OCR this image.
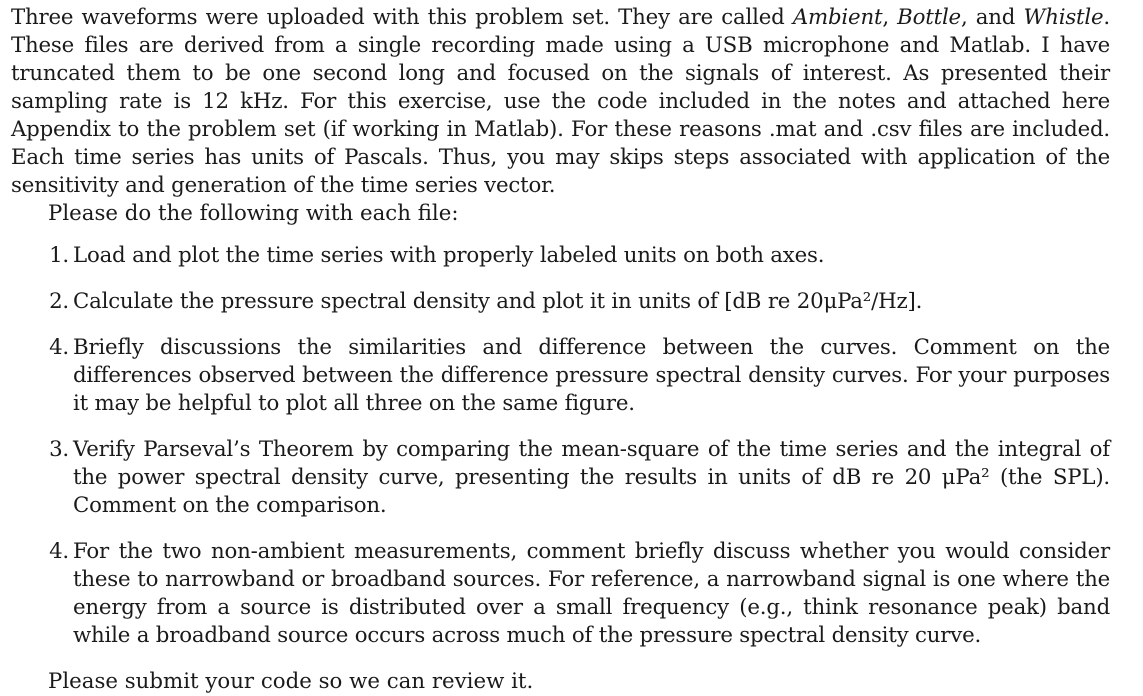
Three waveforms were uploaded with this problem set. They are called Ambient, Bottle, and Whistle. These files are derived from a single recording made using a USB microphone and Matlab. I have truncated them to be one second long and focused on the signals of interest. As presented their sampling rate is 12 kHz. For this exercise, use the code included in the notes and attached here Appendix to the problem set (if working in Matlab). For these reasons .mat and .csv files are included. Each time series has units of Pascals. Thus, you may skips steps associated with application of the sensitivity and generation of the time series vector.

Please do the following with each file:

1. Load and plot the time series with properly labeled units on both axes.
2. Calculate the pressure spectral density and plot it in units of [dB re 20μPa²/Hz].
4. Briefly discussions the similarities and difference between the curves. Comment on the differences observed between the difference pressure spectral density curves. For your purposes it may be helpful to plot all three on the same figure.
3. Verify Parseval’s Theorem by comparing the mean-square of the time series and the integral of the power spectral density curve, presenting the results in units of dB re 20 μPa² (the SPL). Comment on the comparison.
4. For the two non-ambient measurements, comment briefly discuss whether you would consider these to narrowband or broadband sources. For reference, a narrowband signal is one where the energy from a source is distributed over a small frequency (e.g., think resonance peak) band while a broadband source occurs across much of the pressure spectral density curve.

Please submit your code so we can review it.
